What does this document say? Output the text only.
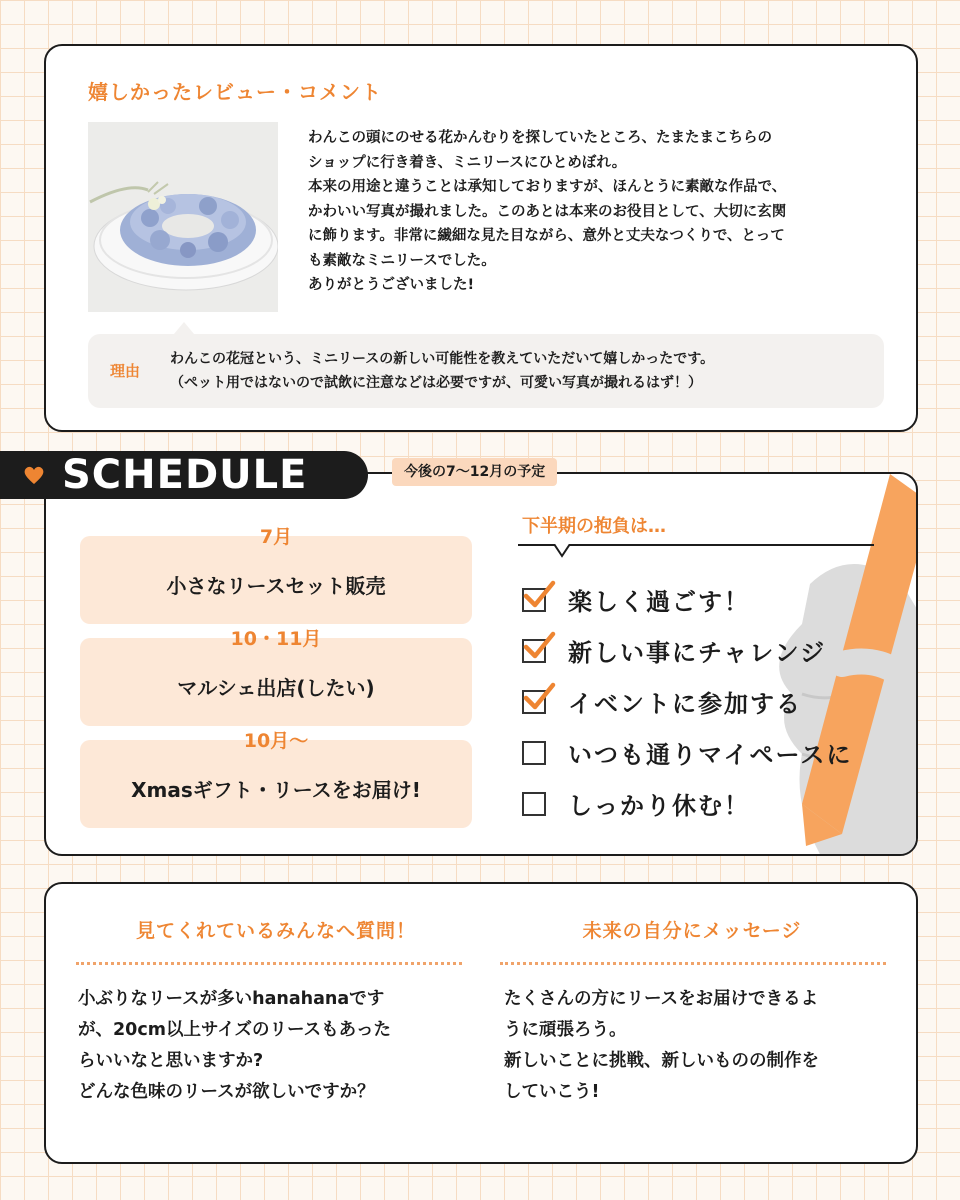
嬉しかったレビュー・コメント
わんこの頭にのせる花かんむりを探していたところ、たまたまこちらの
ショップに行き着き、ミニリースにひとめぼれ。
本来の用途と違うことは承知しておりますが、ほんとうに素敵な作品で、
かわいい写真が撮れました。このあとは本来のお役目として、大切に玄関
に飾ります。非常に繊細な見た目ながら、意外と丈夫なつくりで、とって
も素敵なミニリースでした。
ありがとうございました!
理由
わんこの花冠という、ミニリースの新しい可能性を教えていただいて嬉しかったです。
（ペット用ではないので試飲に注意などは必要ですが、可愛い写真が撮れるはず！）
7月
小さなリースセット販売
10・11月
マルシェ出店(したい)
10月〜
Xmasギフト・リースをお届け!
下半期の抱負は…
楽しく過ごす！
新しい事にチャレンジ
イベントに参加する
いつも通りマイペースに
しっかり休む！
SCHEDULE	今後の7〜12月の予定
見てくれているみんなへ質問！
小ぶりなリースが多いhanahanaです
が、20cm以上サイズのリースもあった
らいいなと思いますか?
どんな色味のリースが欲しいですか？
未来の自分にメッセージ
たくさんの方にリースをお届けできるよ
うに頑張ろう。
新しいことに挑戦、新しいものの制作を
していこう!
